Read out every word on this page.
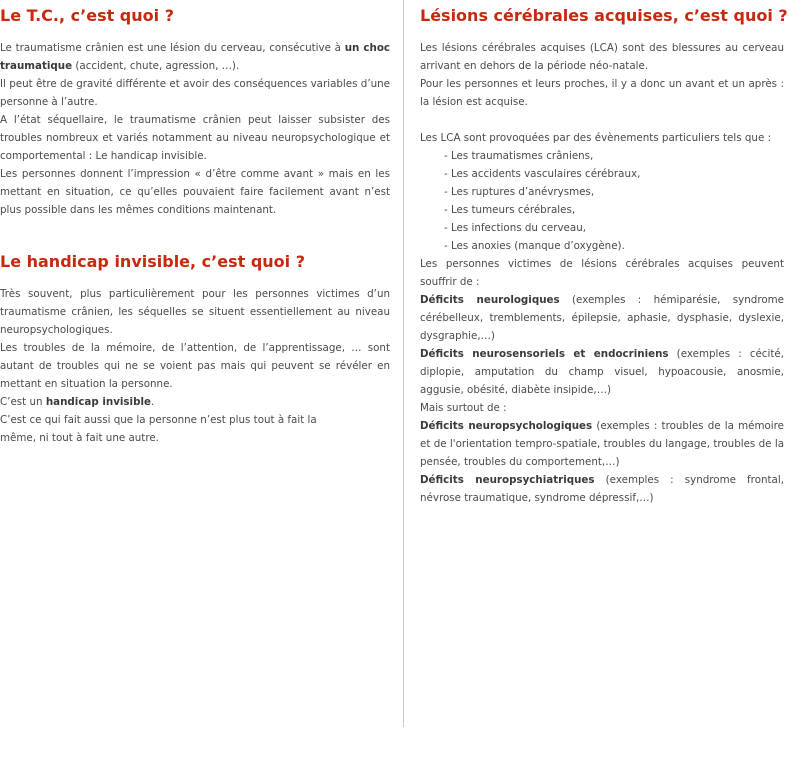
Le T.C., c’est quoi ?

Le traumatisme crânien est une lésion du cerveau, consécutive à un choc traumatique (accident, chute, agression, …).

Il peut être de gravité différente et avoir des conséquences variables d’une personne à l’autre.

A l’état séquellaire, le traumatisme crânien peut laisser subsister des troubles nombreux et variés notamment au niveau neuropsychologique et comportemental : Le handicap invisible.

Les personnes donnent l’impression « d’être comme avant » mais en les mettant en situation, ce qu’elles pouvaient faire facilement avant n’est plus possible dans les mêmes conditions maintenant.

Le handicap invisible, c’est quoi ?

Très souvent, plus particulièrement pour les personnes victimes d’un traumatisme crânien, les séquelles se situent essentiellement au niveau neuropsychologiques.

Les troubles de la mémoire, de l’attention, de l’apprentissage, … sont autant de troubles qui ne se voient pas mais qui peuvent se révéler en mettant en situation la personne.

C’est un handicap invisible.

C’est ce qui fait aussi que la personne n’est plus tout à fait la

même, ni tout à fait une autre.

Lésions cérébrales acquises, c’est quoi ?

Les lésions cérébrales acquises (LCA) sont des blessures au cerveau arrivant en dehors de la période néo-natale.

Pour les personnes et leurs proches, il y a donc un avant et un après : la lésion est acquise.

Les LCA sont provoquées par des évènements particuliers tels que :

- Les traumatismes crâniens,
- Les accidents vasculaires cérébraux,
- Les ruptures d’anévrysmes,
- Les tumeurs cérébrales,
- Les infections du cerveau,
- Les anoxies (manque d’oxygène).

Les personnes victimes de lésions cérébrales acquises peuvent souffrir de :

Déficits neurologiques (exemples : hémiparésie, syndrome cérébelleux, tremblements, épilepsie, aphasie, dysphasie, dyslexie, dysgraphie,…)

Déficits neurosensoriels et endocriniens (exemples : cécité, diplopie, amputation du champ visuel, hypoacousie, anosmie, aggusie, obésité, diabète insipide,…)

Mais surtout de :

Déficits neuropsychologiques (exemples : troubles de la mémoire et de l'orientation tempro-spatiale, troubles du langage, troubles de la pensée, troubles du comportement,…)

Déficits neuropsychiatriques (exemples : syndrome frontal, névrose traumatique, syndrome dépressif,…)
